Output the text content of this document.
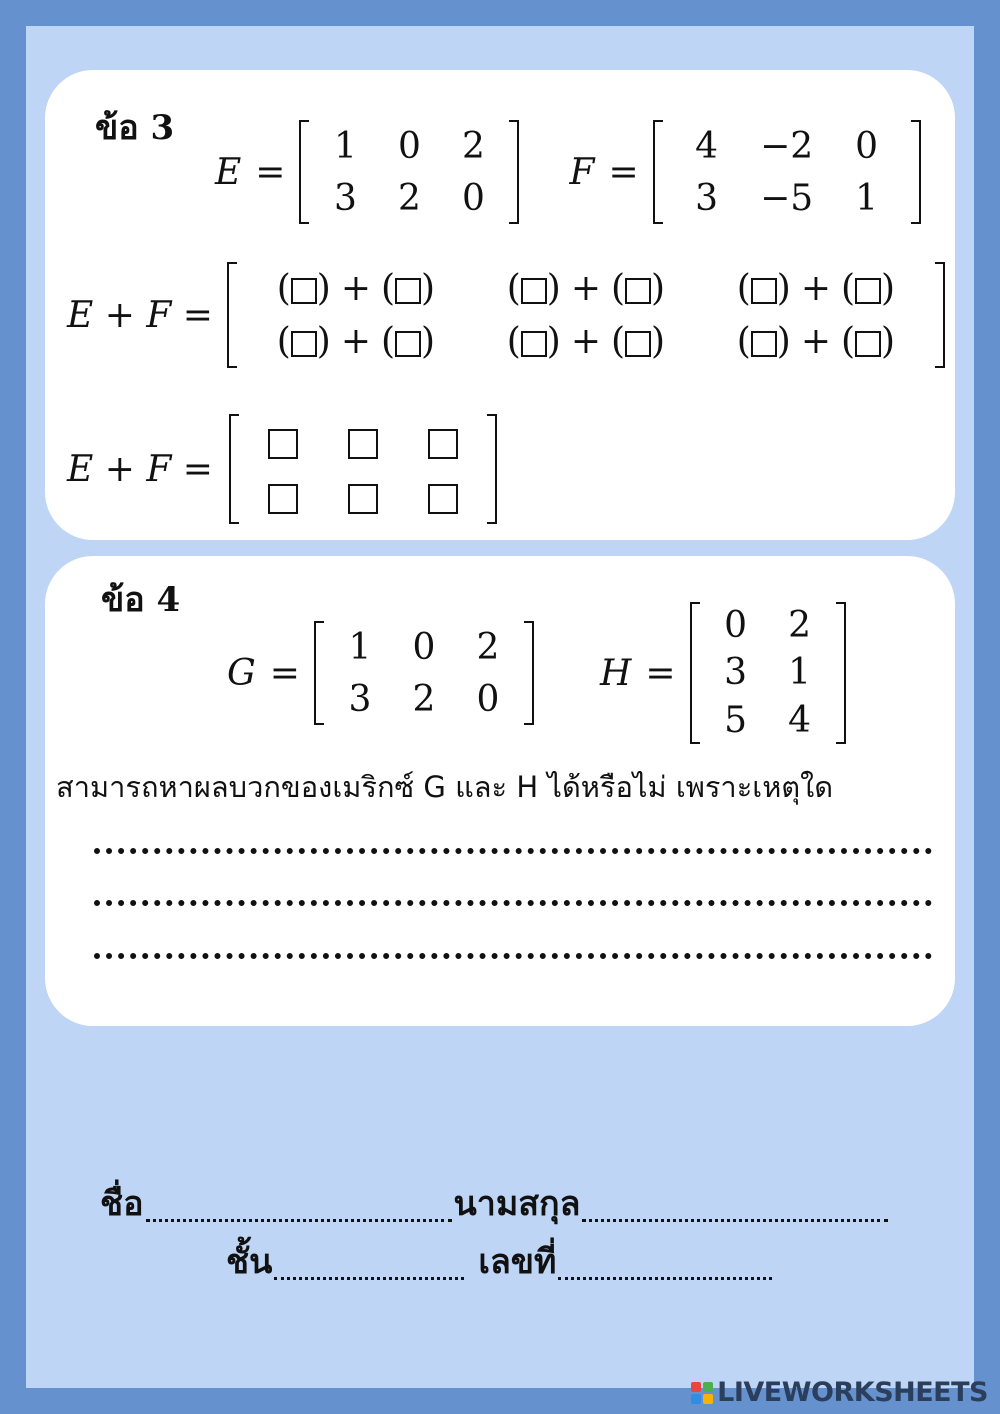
ข้อ 3
E =
1	0	2
3	2	0
F =
4	−2	0
3	−5	1
E + F =
( ) + ( )	( ) + ( )	( ) + ( )
( ) + ( )	( ) + ( )	( ) + ( )
E + F =

ข้อ 4
G =
1	0	2
3	2	0
H =
0	2
3	1
5	4
สามารถหาผลบวกของเมริกซ์ G และ H ได้หรือไม่ เพราะเหตุใด
ชื่อ	นามสกุล
ชั้น	เลขที่
LIVEWORKSHEETS
